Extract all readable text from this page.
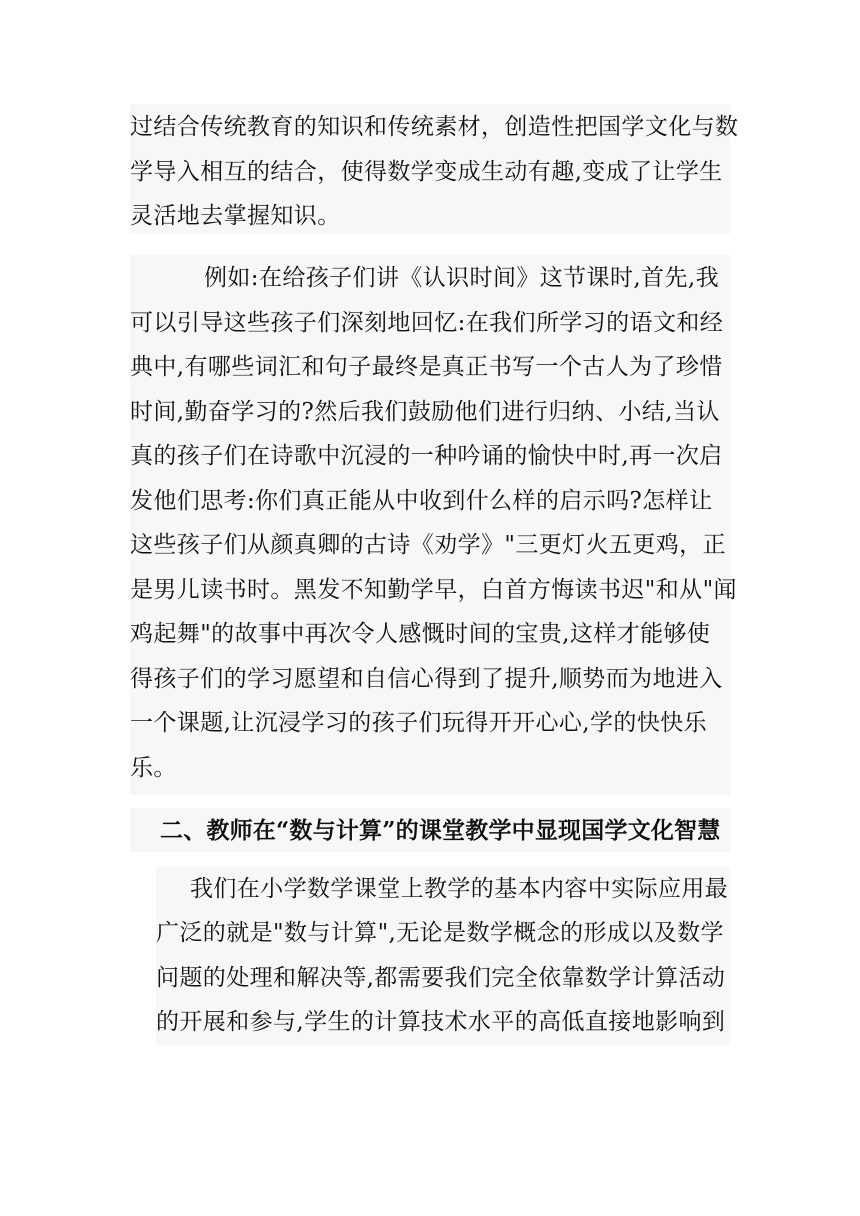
过结合传统教育的知识和传统素材，创造性把国学文化与数
学导入相互的结合，使得数学变成生动有趣,变成了让学生
灵活地去掌握知识。
例如:在给孩子们讲《认识时间》这节课时,首先,我
可以引导这些孩子们深刻地回忆:在我们所学习的语文和经
典中,有哪些词汇和句子最终是真正书写一个古人为了珍惜
时间,勤奋学习的?然后我们鼓励他们进行归纳、小结,当认
真的孩子们在诗歌中沉浸的一种吟诵的愉快中时,再一次启
发他们思考:你们真正能从中收到什么样的启示吗?怎样让
这些孩子们从颜真卿的古诗《劝学》"三更灯火五更鸡，正
是男儿读书时。黑发不知勤学早，白首方悔读书迟"和从"闻
鸡起舞"的故事中再次令人感慨时间的宝贵,这样才能够使
得孩子们的学习愿望和自信心得到了提升,顺势而为地进入
一个课题,让沉浸学习的孩子们玩得开开心心,学的快快乐
乐。
二、教师在“数与计算”的课堂教学中显现国学文化智慧
我们在小学数学课堂上教学的基本内容中实际应用最
广泛的就是"数与计算",无论是数学概念的形成以及数学
问题的处理和解决等,都需要我们完全依靠数学计算活动
的开展和参与,学生的计算技术水平的高低直接地影响到
